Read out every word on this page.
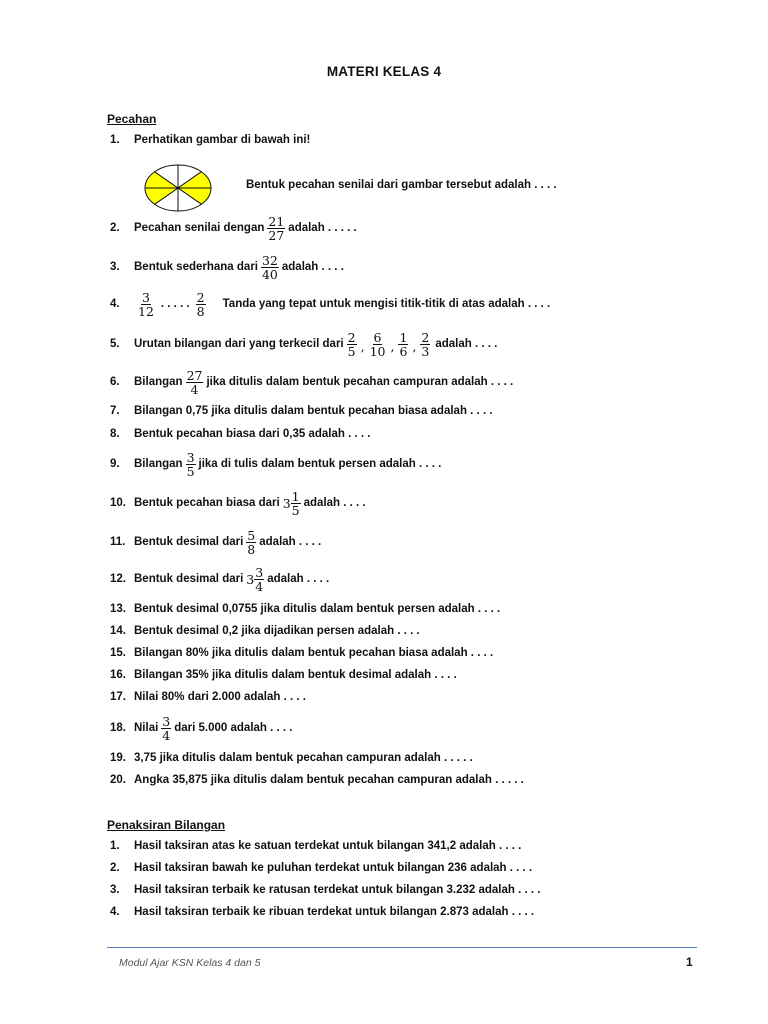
MATERI KELAS 4
Pecahan
1.	Perhatikan gambar di bawah ini!
Bentuk pecahan senilai dari gambar tersebut adalah . . . .
2.	Pecahan senilai dengan $\frac{21}{27}$ adalah . . . . .
3.	Bentuk sederhana dari $\frac{32}{40}$ adalah . . . .
4.	$\frac{3}{12}$ . . . . . $\frac{2}{8}$ Tanda yang tepat untuk mengisi titik-titik di atas adalah . . . .
5.	Urutan bilangan dari yang terkecil dari $\frac{2}{5}$ , $\frac{6}{10}$ , $\frac{1}{6}$ , $\frac{2}{3}$ adalah . . . .
6.	Bilangan $\frac{27}{4}$ jika ditulis dalam bentuk pecahan campuran adalah . . . .
7.	Bilangan 0,75 jika ditulis dalam bentuk pecahan biasa adalah . . . .
8.	Bentuk pecahan biasa dari 0,35 adalah . . . .
9.	Bilangan $\frac{3}{5}$ jika di tulis dalam bentuk persen adalah . . . .
10. Bentuk pecahan biasa dari $3 \frac{1}{5}$ adalah . . . .
11. Bentuk desimal dari $\frac{5}{8}$ adalah . . . .
12. Bentuk desimal dari $3 \frac{3}{4}$ adalah . . . .
13. Bentuk desimal 0,0755 jika ditulis dalam bentuk persen adalah . . . .
14. Bentuk desimal 0,2 jika dijadikan persen adalah . . . .
15. Bilangan 80% jika ditulis dalam bentuk pecahan biasa adalah . . . .
16. Bilangan 35% jika ditulis dalam bentuk desimal adalah . . . .
17. Nilai 80% dari 2.000 adalah . . . .
18. Nilai $\frac{3}{4}$ dari 5.000 adalah . . . .
19. 3,75 jika ditulis dalam bentuk pecahan campuran adalah . . . . .
20. Angka 35,875 jika ditulis dalam bentuk pecahan campuran adalah . . . . .
Penaksiran Bilangan
1.	Hasil taksiran atas ke satuan terdekat untuk bilangan 341,2 adalah . . . .
2.	Hasil taksiran bawah ke puluhan terdekat untuk bilangan 236 adalah . . . .
3.	Hasil taksiran terbaik ke ratusan terdekat untuk bilangan 3.232 adalah . . . .
4.	Hasil taksiran terbaik ke ribuan terdekat untuk bilangan 2.873 adalah . . . .
Modul Ajar KSN Kelas 4 dan 5	1
